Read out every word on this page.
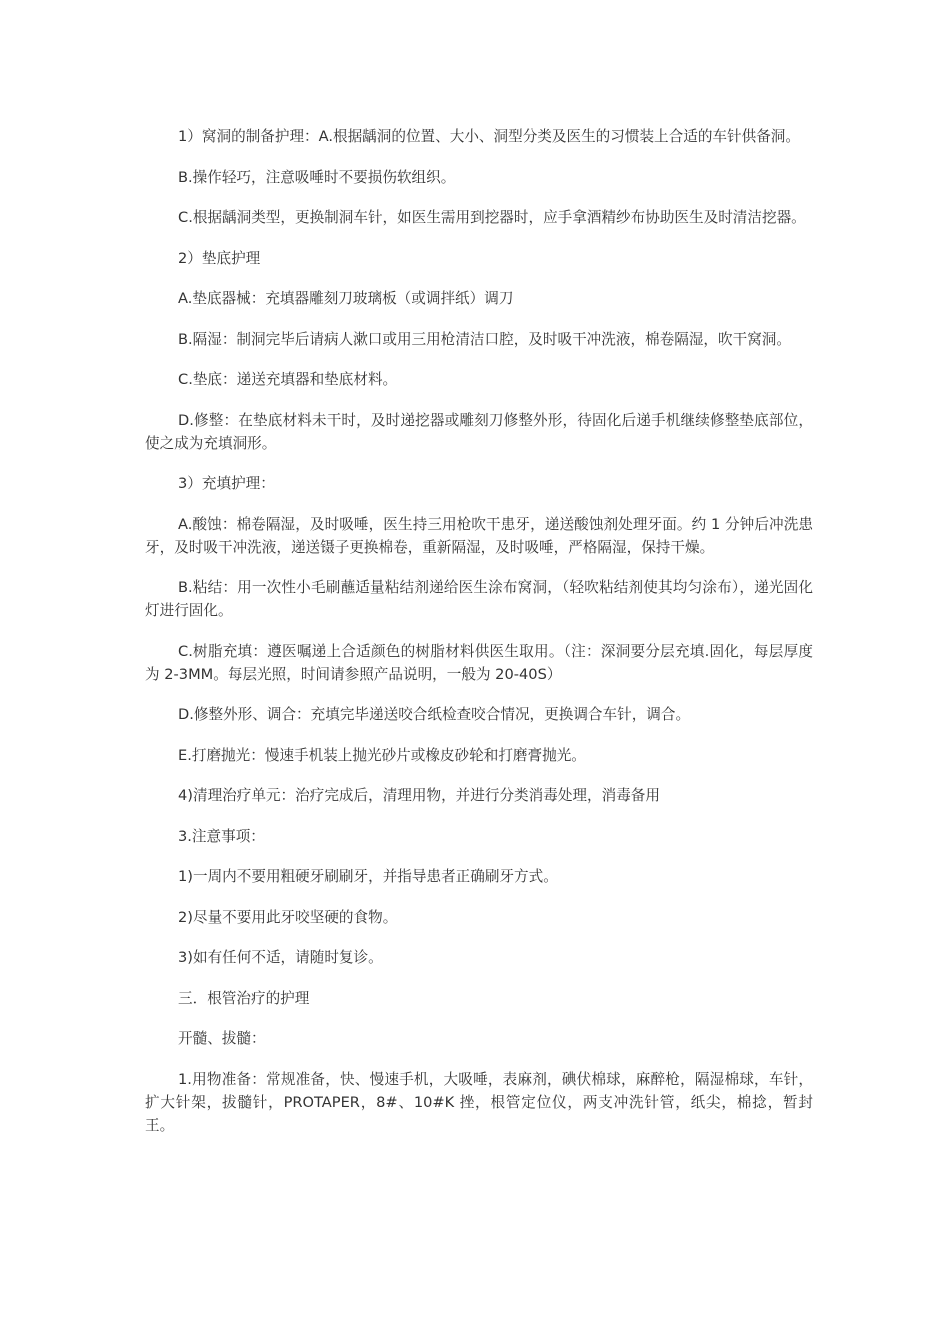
1）窝洞的制备护理：A.根据龋洞的位置、大小、洞型分类及医生的习惯装上合适的车针供备洞。

B.操作轻巧，注意吸唾时不要损伤软组织。

C.根据龋洞类型，更换制洞车针，如医生需用到挖器时，应手拿酒精纱布协助医生及时清洁挖器。

2）垫底护理

A.垫底器械：充填器雕刻刀玻璃板（或调拌纸）调刀

B.隔湿：制洞完毕后请病人漱口或用三用枪清洁口腔，及时吸干冲洗液，棉卷隔湿，吹干窝洞。

C.垫底：递送充填器和垫底材料。

D.修整：在垫底材料未干时，及时递挖器或雕刻刀修整外形，待固化后递手机继续修整垫底部位，使之成为充填洞形。

3）充填护理：

A.酸蚀：棉卷隔湿，及时吸唾，医生持三用枪吹干患牙，递送酸蚀剂处理牙面。约 1 分钟后冲洗患牙，及时吸干冲洗液，递送镊子更换棉卷，重新隔湿，及时吸唾，严格隔湿，保持干燥。

B.粘结：用一次性小毛刷蘸适量粘结剂递给医生涂布窝洞，（轻吹粘结剂使其均匀涂布），递光固化灯进行固化。

C.树脂充填：遵医嘱递上合适颜色的树脂材料供医生取用。（注：深洞要分层充填.固化，每层厚度为 2-3MM。每层光照，时间请参照产品说明，一般为 20-40S）

D.修整外形、调合：充填完毕递送咬合纸检查咬合情况，更换调合车针，调合。

E.打磨抛光：慢速手机装上抛光砂片或橡皮砂轮和打磨膏抛光。

4)清理治疗单元：治疗完成后，清理用物，并进行分类消毒处理，消毒备用

3.注意事项：

1)一周内不要用粗硬牙刷刷牙，并指导患者正确刷牙方式。

2)尽量不要用此牙咬坚硬的食物。

3)如有任何不适，请随时复诊。

三．根管治疗的护理

开髓、拔髓：

1.用物准备：常规准备，快、慢速手机，大吸唾，表麻剂，碘伏棉球，麻醉枪，隔湿棉球，车针，扩大针架，拔髓针，PROTAPER，8#、10#K 挫，根管定位仪，两支冲洗针管，纸尖，棉捻，暂封王。
